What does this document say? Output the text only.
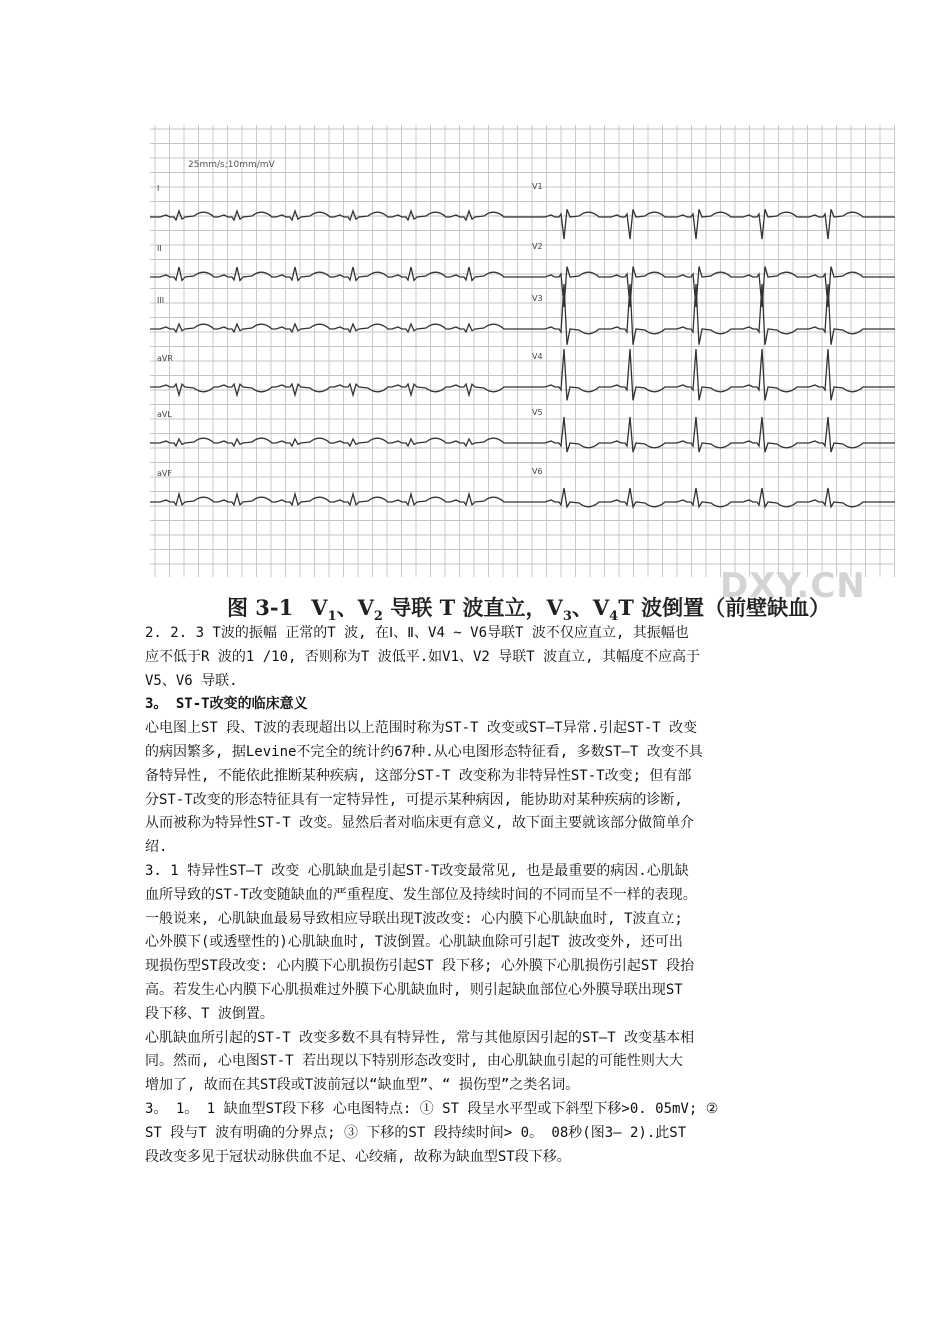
25mm/s;10mm/mV
I	V1
II	V2
III	V3
aVR	V4
aVL	V5
aVF	V6
DXY.CN
图 3-1 $V_1$、$V_2$ 导联 T 波直立，$V_3$、$V_4T$ 波倒置（前壁缺血）

2. 2. 3 T波的振幅 正常的T 波, 在Ⅰ、Ⅱ、V4 ~ V6导联T 波不仅应直立, 其振幅也

应不低于R 波的1 /10, 否则称为T 波低平.如V1、V2 导联T 波直立, 其幅度不应高于

V5、V6 导联.

3。 ST-T改变的临床意义

心电图上ST 段、T波的表现超出以上范围时称为ST-T 改变或ST—T异常.引起ST-T 改变

的病因繁多, 据Levine不完全的统计约67种.从心电图形态特征看, 多数ST—T 改变不具

备特异性, 不能依此推断某种疾病, 这部分ST-T 改变称为非特异性ST-T改变; 但有部

分ST-T改变的形态特征具有一定特异性, 可提示某种病因, 能协助对某种疾病的诊断,

从而被称为特异性ST-T 改变。显然后者对临床更有意义, 故下面主要就该部分做简单介

绍.

3. 1 特异性ST—T 改变 心肌缺血是引起ST-T改变最常见, 也是最重要的病因.心肌缺

血所导致的ST-T改变随缺血的严重程度、发生部位及持续时间的不同而呈不一样的表现。

一般说来, 心肌缺血最易导致相应导联出现T波改变: 心内膜下心肌缺血时, T波直立;

心外膜下(或透壁性的)心肌缺血时, T波倒置。心肌缺血除可引起T 波改变外, 还可出

现损伤型ST段改变: 心内膜下心肌损伤引起ST 段下移; 心外膜下心肌损伤引起ST 段抬

高。若发生心内膜下心肌损难过外膜下心肌缺血时, 则引起缺血部位心外膜导联出现ST

段下移、T 波倒置。

心肌缺血所引起的ST-T 改变多数不具有特异性, 常与其他原因引起的ST—T 改变基本相

同。然而, 心电图ST-T 若出现以下特别形态改变时, 由心肌缺血引起的可能性则大大

增加了, 故而在其ST段或T波前冠以“缺血型”、“ 损伤型”之类名词。

3。 1。 1 缺血型ST段下移 心电图特点: ① ST 段呈水平型或下斜型下移>0. 05mV; ②

ST 段与T 波有明确的分界点; ③ 下移的ST 段持续时间> 0。 08秒(图3— 2).此ST

段改变多见于冠状动脉供血不足、心绞痛, 故称为缺血型ST段下移。
